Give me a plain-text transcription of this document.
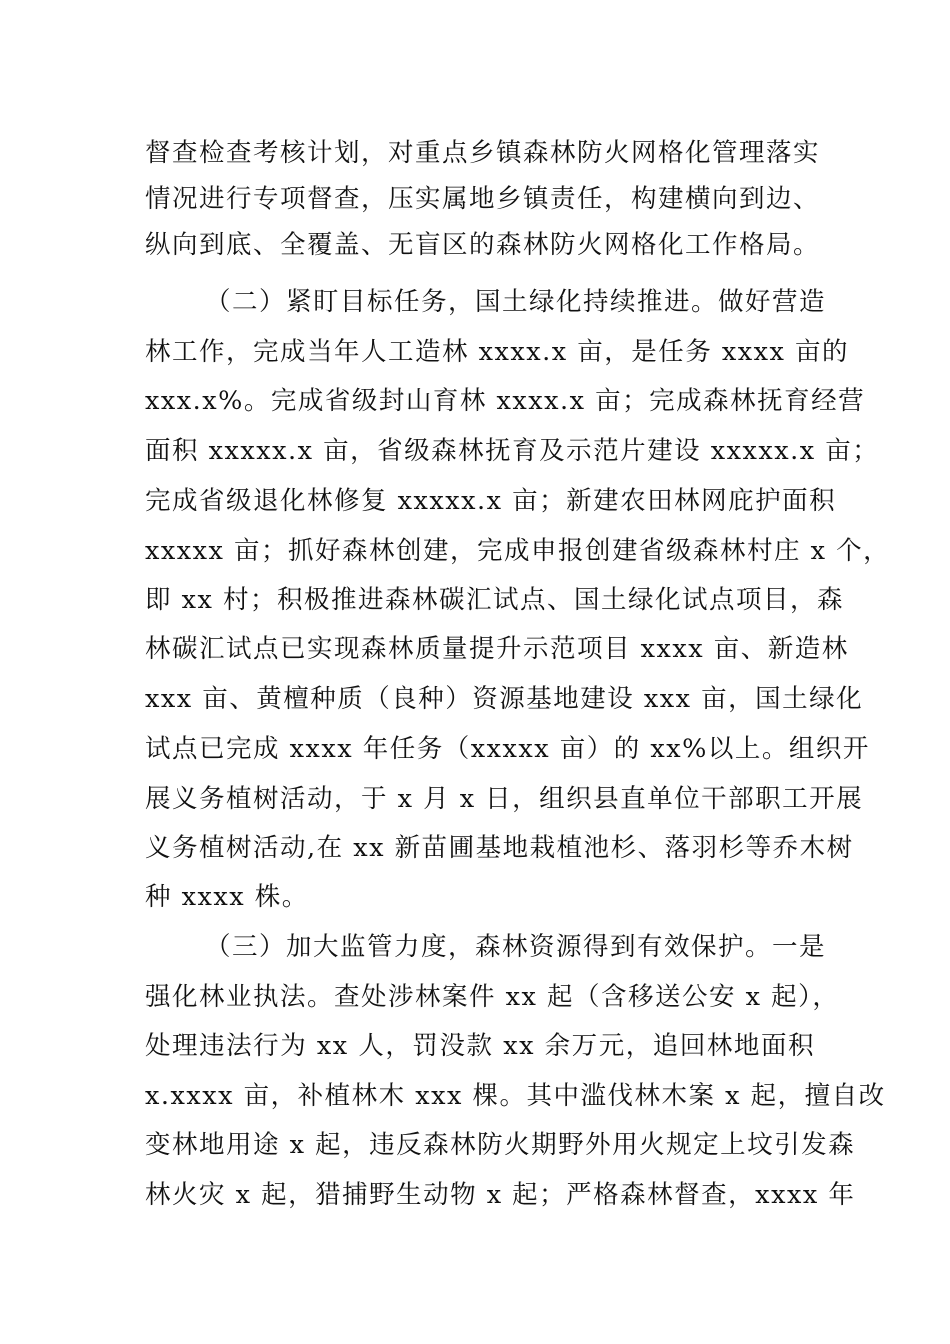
督查检查考核计划，对重点乡镇森林防火网格化管理落实
情况进行专项督查，压实属地乡镇责任，构建横向到边、
纵向到底、全覆盖、无盲区的森林防火网格化工作格局。
（二）紧盯目标任务，国土绿化持续推进。做好营造
林工作，完成当年人工造林 xxxx.x 亩，是任务 xxxx 亩的
xxx.x%。完成省级封山育林 xxxx.x 亩；完成森林抚育经营
面积 xxxxx.x 亩，省级森林抚育及示范片建设 xxxxx.x 亩；
完成省级退化林修复 xxxxx.x 亩；新建农田林网庇护面积
xxxxx 亩；抓好森林创建，完成申报创建省级森林村庄 x 个，
即 xx 村；积极推进森林碳汇试点、国土绿化试点项目，森
林碳汇试点已实现森林质量提升示范项目 xxxx 亩、新造林
xxx 亩、黄檀种质（良种）资源基地建设 xxx 亩，国土绿化
试点已完成 xxxx 年任务（xxxxx 亩）的 xx%以上。组织开
展义务植树活动，于 x 月 x 日，组织县直单位干部职工开展
义务植树活动,在 xx 新苗圃基地栽植池杉、落羽杉等乔木树
种 xxxx 株。
（三）加大监管力度，森林资源得到有效保护。一是
强化林业执法。查处涉林案件 xx 起（含移送公安 x 起），
处理违法行为 xx 人，罚没款 xx 余万元，追回林地面积
x.xxxx 亩，补植林木 xxx 棵。其中滥伐林木案 x 起，擅自改
变林地用途 x 起，违反森林防火期野外用火规定上坟引发森
林火灾 x 起，猎捕野生动物 x 起；严格森林督查，xxxx 年
